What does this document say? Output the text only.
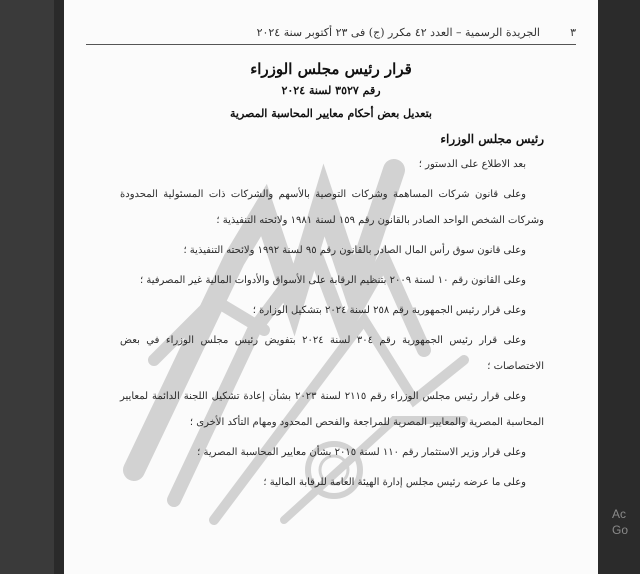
الجريدة الرسمية – العدد ٤٢ مكرر (ج) فى ٢٣ أكتوبر سنة ٢٠٢٤	٣
قرار رئيس مجلس الوزراء
رقم ٣٥٢٧ لسنة ٢٠٢٤
بتعديل بعض أحكام معايير المحاسبة المصرية
رئيس مجلس الوزراء

بعد الاطلاع على الدستور ؛

وعلى قانون شركات المساهمة وشركات التوصية بالأسهم والشركات ذات المسئولية المحدودة وشركات الشخص الواحد الصادر بالقانون رقم ١٥٩ لسنة ١٩٨١ ولائحته التنفيذية ؛

وعلى قانون سوق رأس المال الصادر بالقانون رقم ٩٥ لسنة ١٩٩٢ ولائحته التنفيذية ؛

وعلى القانون رقم ١٠ لسنة ٢٠٠٩ بتنظيم الرقابة على الأسواق والأدوات المالية غير المصرفية ؛

وعلى قرار رئيس الجمهورية رقم ٢٥٨ لسنة ٢٠٢٤ بتشكيل الوزارة ؛

وعلى قرار رئيس الجمهورية رقم ٣٠٤ لسنة ٢٠٢٤ بتفويض رئيس مجلس الوزراء في بعض الاختصاصات ؛

وعلى قرار رئيس مجلس الوزراء رقم ٢١١٥ لسنة ٢٠٢٣ بشأن إعادة تشكيل اللجنة الدائمة لمعايير المحاسبة المصرية والمعايير المصرية للمراجعة والفحص المحدود ومهام التأكد الأخرى ؛

وعلى قرار وزير الاستثمار رقم ١١٠ لسنة ٢٠١٥ بشأن معايير المحاسبة المصرية ؛

وعلى ما عرضه رئيس مجلس إدارة الهيئة العامة للرقابة المالية ؛

Ac
Go
